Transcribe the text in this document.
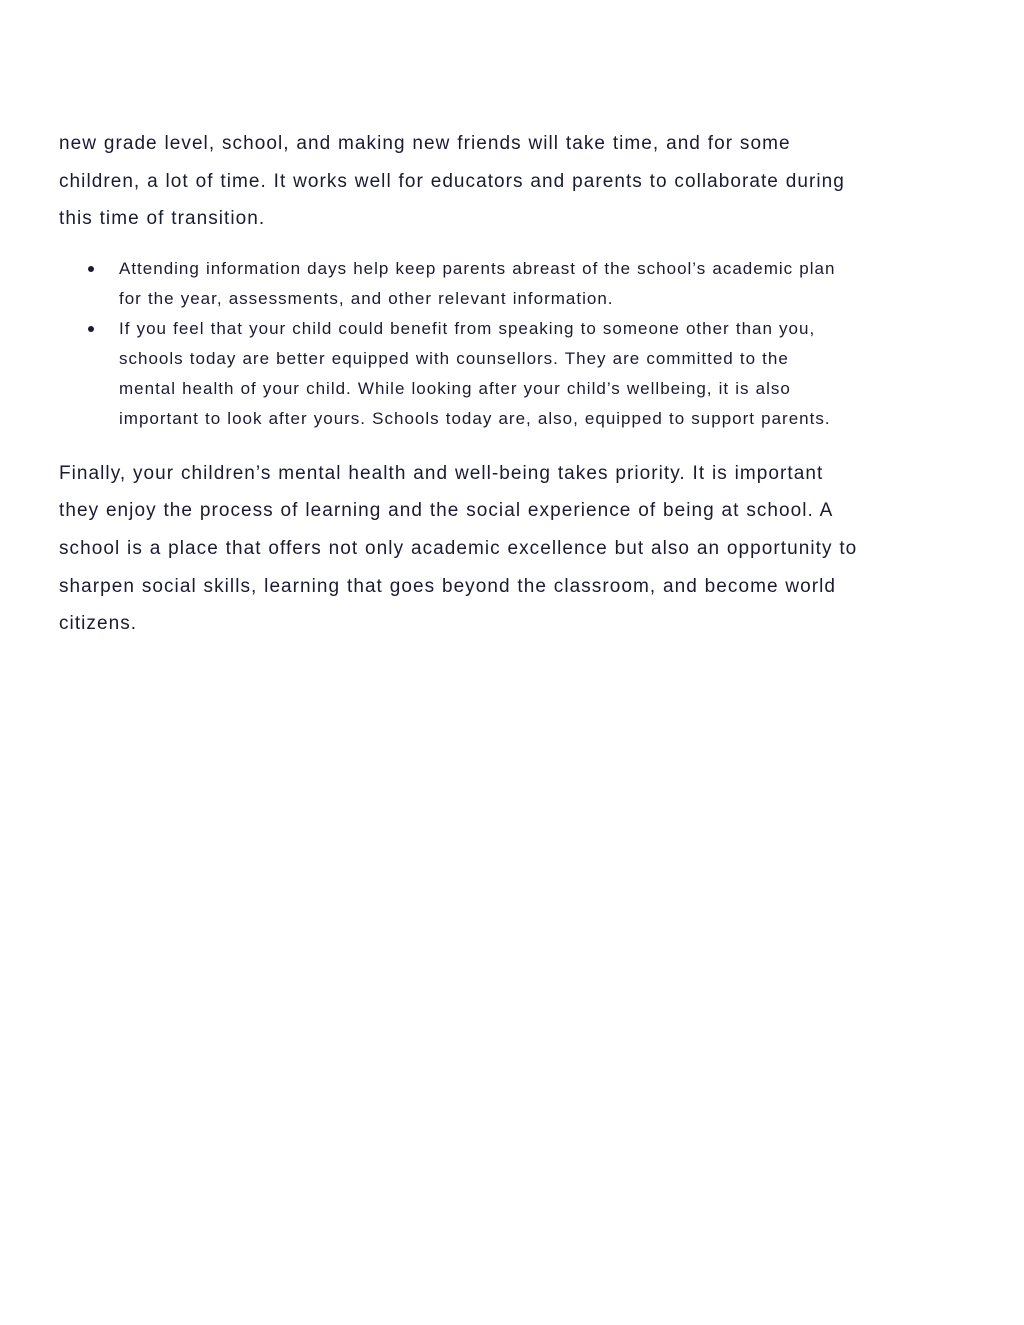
new grade level, school, and making new friends will take time, and for some
children, a lot of time. It works well for educators and parents to collaborate during
this time of transition.

Attending information days help keep parents abreast of the school’s academic plan
for the year, assessments, and other relevant information.
If you feel that your child could benefit from speaking to someone other than you,
schools today are better equipped with counsellors. They are committed to the
mental health of your child. While looking after your child’s wellbeing, it is also
important to look after yours. Schools today are, also, equipped to support parents.

Finally, your children’s mental health and well-being takes priority. It is important
they enjoy the process of learning and the social experience of being at school. A
school is a place that offers not only academic excellence but also an opportunity to
sharpen social skills, learning that goes beyond the classroom, and become world
citizens.
